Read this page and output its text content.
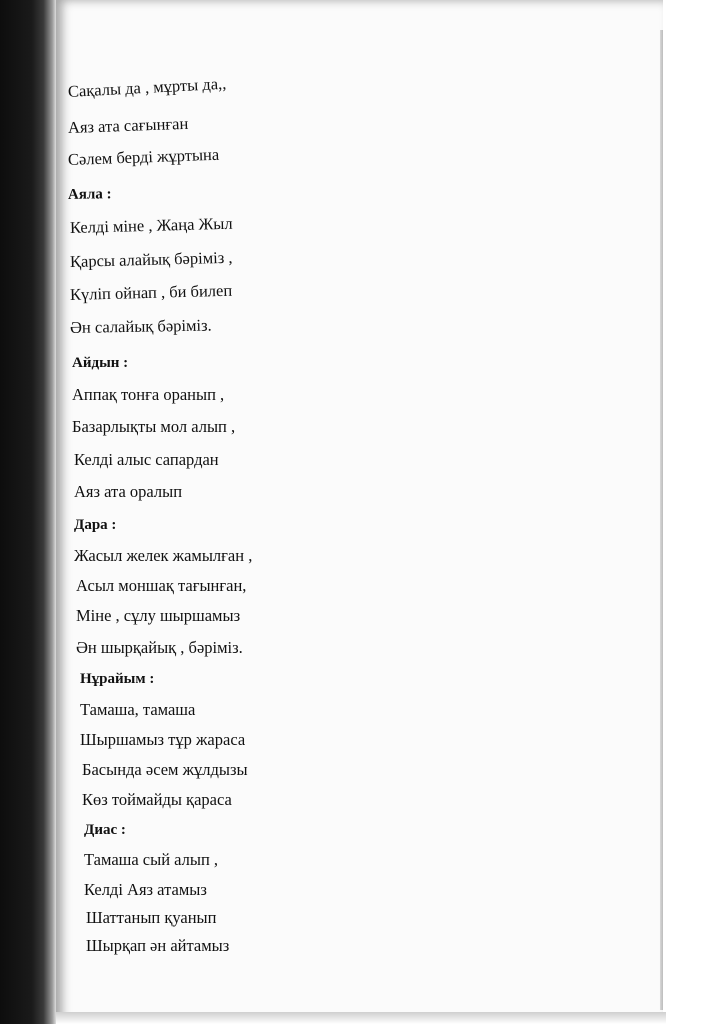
Сақалы да , мұрты да,,
Аяз ата сағынған
Сәлем берді жұртына
Аяла :
Келді міне , Жаңа Жыл
Қарсы алайық бәріміз ,
Күліп ойнап , би билеп
Ән салайық бәріміз.
Айдын :
Аппақ тонға оранып ,
Базарлықты мол алып ,
Келді алыс сапардан
Аяз ата оралып
Дара :
Жасыл желек жамылған ,
Асыл моншақ тағынған,
Міне , сұлу шыршамыз
Ән шырқайық , бәріміз.
Нұрайым :
Тамаша, тамаша
Шыршамыз тұр жараса
Басында әсем жұлдызы
Көз тоймайды қараса
Диас :
Тамаша сый алып ,
Келді Аяз атамыз
Шаттанып қуанып
Шырқап ән айтамыз
